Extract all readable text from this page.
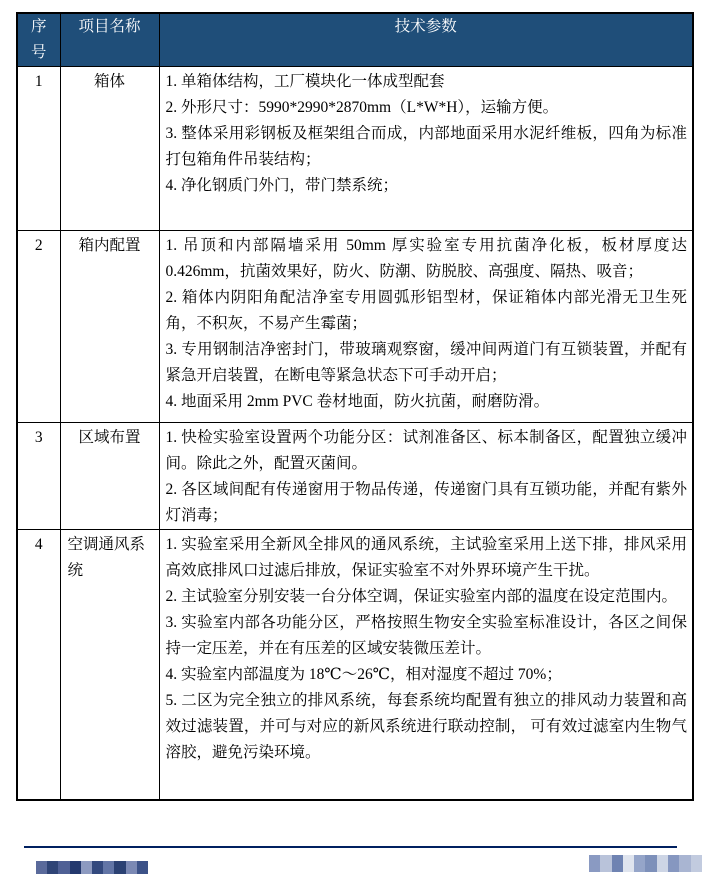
序号	项目名称	技术参数
1	箱体	1. 单箱体结构，工厂模块化一体成型配套
2. 外形尺寸：5990*2990*2870mm（L*W*H），运输方便。
3. 整体采用彩钢板及框架组合而成，内部地面采用水泥纤维板，四角为标准打包箱角件吊装结构；
4. 净化钢质门外门，带门禁系统；

2	箱内配置	1. 吊顶和内部隔墙采用 50mm 厚实验室专用抗菌净化板，板材厚度达 0.426mm，抗菌效果好，防火、防潮、防脱胶、高强度、隔热、吸音；
2. 箱体内阴阳角配洁净室专用圆弧形铝型材，保证箱体内部光滑无卫生死角，不积灰，不易产生霉菌；
3. 专用钢制洁净密封门，带玻璃观察窗，缓冲间两道门有互锁装置，并配有紧急开启装置，在断电等紧急状态下可手动开启；
4. 地面采用 2mm PVC 卷材地面，防火抗菌，耐磨防滑。

3	区域布置	1. 快检实验室设置两个功能分区：试剂准备区、标本制备区，配置独立缓冲间。除此之外，配置灭菌间。
2. 各区域间配有传递窗用于物品传递，传递窗门具有互锁功能，并配有紫外灯消毒；

4	空调通风系统	1. 实验室采用全新风全排风的通风系统，主试验室采用上送下排，排风采用高效底排风口过滤后排放，保证实验室不对外界环境产生干扰。
2. 主试验室分别安装一台分体空调，保证实验室内部的温度在设定范围内。
3. 实验室内部各功能分区，严格按照生物安全实验室标准设计，各区之间保持一定压差，并在有压差的区域安装微压差计。
4. 实验室内部温度为 18℃～26℃，相对湿度不超过 70%；
5. 二区为完全独立的排风系统，每套系统均配置有独立的排风动力装置和高效过滤装置，并可与对应的新风系统进行联动控制， 可有效过滤室内生物气溶胶，避免污染环境。
